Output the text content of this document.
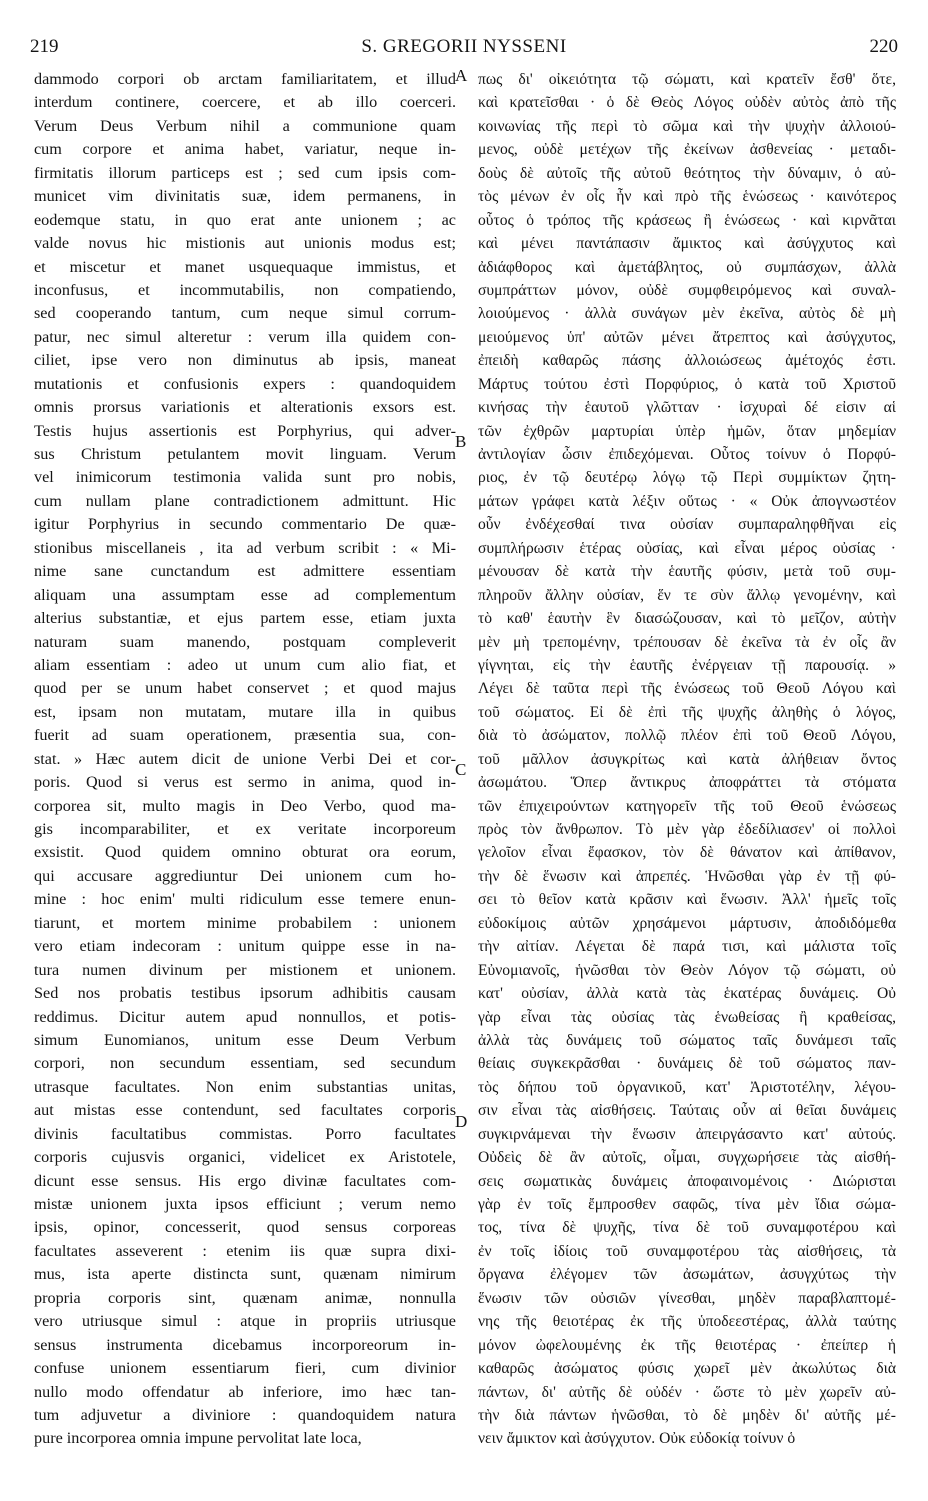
219	S. GREGORII NYSSENI	220
A
B
C
D
dammodo corpori ob arctam familiaritatem, et illud
interdum continere, coercere, et ab illo coerceri.
Verum Deus Verbum nihil a communione quam
cum corpore et anima habet, variatur, neque in-
firmitatis illorum particeps est ; sed cum ipsis com-
municet vim divinitatis suæ, idem permanens, in
eodemque statu, in quo erat ante unionem ; ac
valde novus hic mistionis aut unionis modus est;
et miscetur et manet usquequaque immistus, et
inconfusus, et incommutabilis, non compatiendo,
sed cooperando tantum, cum neque simul corrum-
patur, nec simul alteretur : verum illa quidem con-
ciliet, ipse vero non diminutus ab ipsis, maneat
mutationis et confusionis expers : quandoquidem
omnis prorsus variationis et alterationis exsors est.
Testis hujus assertionis est Porphyrius, qui adver-
sus Christum petulantem movit linguam. Verum
vel inimicorum testimonia valida sunt pro nobis,
cum nullam plane contradictionem admittunt. Hic
igitur Porphyrius in secundo commentario De quæ-
stionibus miscellaneis , ita ad verbum scribit : « Mi-
nime sane cunctandum est admittere essentiam
aliquam una assumptam esse ad complementum
alterius substantiæ, et ejus partem esse, etiam juxta
naturam suam manendo, postquam compleverit
aliam essentiam : adeo ut unum cum alio fiat, et
quod per se unum habet conservet ; et quod majus
est, ipsam non mutatam, mutare illa in quibus
fuerit ad suam operationem, præsentia sua, con-
stat. » Hæc autem dicit de unione Verbi Dei et cor-
poris. Quod si verus est sermo in anima, quod in-
corporea sit, multo magis in Deo Verbo, quod ma-
gis incomparabiliter, et ex veritate incorporeum
exsistit. Quod quidem omnino obturat ora eorum,
qui accusare aggrediuntur Dei unionem cum ho-
mine : hoc enim' multi ridiculum esse temere enun-
tiarunt, et mortem minime probabilem : unionem
vero etiam indecoram : unitum quippe esse in na-
tura numen divinum per mistionem et unionem.
Sed nos probatis testibus ipsorum adhibitis causam
reddimus. Dicitur autem apud nonnullos, et potis-
simum Eunomianos, unitum esse Deum Verbum
corpori, non secundum essentiam, sed secundum
utrasque facultates. Non enim substantias unitas,
aut mistas esse contendunt, sed facultates corporis
divinis facultatibus commistas. Porro facultates
corporis cujusvis organici, videlicet ex Aristotele,
dicunt esse sensus. His ergo divinæ facultates com-
mistæ unionem juxta ipsos efficiunt ; verum nemo
ipsis, opinor, concesserit, quod sensus corporeas
facultates asseverent : etenim iis quæ supra dixi-
mus, ista aperte distincta sunt, quænam nimirum
propria corporis sint, quænam animæ, nonnulla
vero utriusque simul : atque in propriis utriusque
sensus instrumenta dicebamus incorporeorum in-
confuse unionem essentiarum fieri, cum divinior
nullo modo offendatur ab inferiore, imo hæc tan-
tum adjuvetur a diviniore : quandoquidem natura
pure incorporea omnia impune pervolitat late loca,
πως δι' οἰκειότητα τῷ σώματι, καὶ κρατεῖν ἔσθ' ὅτε,
καὶ κρατεῖσθαι · ὁ δὲ Θεὸς Λόγος οὐδὲν αὐτὸς ἀπὸ τῆς
κοινωνίας τῆς περὶ τὸ σῶμα καὶ τὴν ψυχὴν ἀλλοιού-
μενος, οὐδὲ μετέχων τῆς ἐκείνων ἀσθενείας · μεταδι-
δοὺς δὲ αὐτοῖς τῆς αὐτοῦ θεότητος τὴν δύναμιν, ὁ αὐ-
τὸς μένων ἐν οἷς ἦν καὶ πρὸ τῆς ἑνώσεως · καινότερος
οὗτος ὁ τρόπος τῆς κράσεως ἢ ἑνώσεως · καὶ κιρνᾶται
καὶ μένει παντάπασιν ἄμικτος καὶ ἀσύγχυτος καὶ
ἀδιάφθορος καὶ ἀμετάβλητος, οὐ συμπάσχων, ἀλλὰ
συμπράττων μόνον, οὐδὲ συμφθειρόμενος καὶ συναλ-
λοιούμενος · ἀλλὰ συνάγων μὲν ἐκεῖνα, αὐτὸς δὲ μὴ
μειούμενος ὑπ' αὐτῶν μένει ἄτρεπτος καὶ ἀσύγχυτος,
ἐπειδὴ καθαρῶς πάσης ἀλλοιώσεως ἀμέτοχός ἐστι.
Μάρτυς τούτου ἐστὶ Πορφύριος, ὁ κατὰ τοῦ Χριστοῦ
κινήσας τὴν ἑαυτοῦ γλῶτταν · ἰσχυραὶ δέ εἰσιν αἱ
τῶν ἐχθρῶν μαρτυρίαι ὑπὲρ ἡμῶν, ὅταν μηδεμίαν
ἀντιλογίαν ὦσιν ἐπιδεχόμεναι. Οὗτος τοίνυν ὁ Πορφύ-
ριος, ἐν τῷ δευτέρῳ λόγῳ τῷ Περὶ συμμίκτων ζητη-
μάτων γράφει κατὰ λέξιν οὕτως · « Οὐκ ἀπογνωστέον
οὖν ἐνδέχεσθαί τινα οὐσίαν συμπαραληφθῆναι εἰς
συμπλήρωσιν ἑτέρας οὐσίας, καὶ εἶναι μέρος οὐσίας ·
μένουσαν δὲ κατὰ τὴν ἑαυτῆς φύσιν, μετὰ τοῦ συμ-
πληροῦν ἄλλην οὐσίαν, ἕν τε σὺν ἄλλῳ γενομένην, καὶ
τὸ καθ' ἑαυτὴν ἓν διασώζουσαν, καὶ τὸ μεῖζον, αὐτὴν
μὲν μὴ τρεπομένην, τρέπουσαν δὲ ἐκεῖνα τὰ ἐν οἷς ἂν
γίγνηται, εἰς τὴν ἑαυτῆς ἐνέργειαν τῇ παρουσίᾳ. »
Λέγει δὲ ταῦτα περὶ τῆς ἑνώσεως τοῦ Θεοῦ Λόγου καὶ
τοῦ σώματος. Εἰ δὲ ἐπὶ τῆς ψυχῆς ἀληθὴς ὁ λόγος,
διὰ τὸ ἀσώματον, πολλῷ πλέον ἐπὶ τοῦ Θεοῦ Λόγου,
τοῦ μᾶλλον ἀσυγκρίτως καὶ κατὰ ἀλήθειαν ὄντος
ἀσωμάτου. Ὅπερ ἄντικρυς ἀποφράττει τὰ στόματα
τῶν ἐπιχειρούντων κατηγορεῖν τῆς τοῦ Θεοῦ ἑνώσεως
πρὸς τὸν ἄνθρωπον. Τὸ μὲν γὰρ ἐδεδίλιασεν' οἱ πολλοὶ
γελοῖον εἶναι ἔφασκον, τὸν δὲ θάνατον καὶ ἀπίθανον,
τὴν δὲ ἕνωσιν καὶ ἀπρεπές. Ἡνῶσθαι γὰρ ἐν τῇ φύ-
σει τὸ θεῖον κατὰ κρᾶσιν καὶ ἕνωσιν. Ἀλλ' ἡμεῖς τοῖς
εὐδοκίμοις αὐτῶν χρησάμενοι μάρτυσιν, ἀποδιδόμεθα
τὴν αἰτίαν. Λέγεται δὲ παρά τισι, καὶ μάλιστα τοῖς
Εὐνομιανοῖς, ἡνῶσθαι τὸν Θεὸν Λόγον τῷ σώματι, οὐ
κατ' οὐσίαν, ἀλλὰ κατὰ τὰς ἑκατέρας δυνάμεις. Οὐ
γὰρ εἶναι τὰς οὐσίας τὰς ἑνωθείσας ἢ κραθείσας,
ἀλλὰ τὰς δυνάμεις τοῦ σώματος ταῖς δυνάμεσι ταῖς
θείαις συγκεκρᾶσθαι · δυνάμεις δὲ τοῦ σώματος παν-
τὸς δήπου τοῦ ὀργανικοῦ, κατ' Ἀριστοτέλην, λέγου-
σιν εἶναι τὰς αἰσθήσεις. Ταύταις οὖν αἱ θεῖαι δυνάμεις
συγκιρνάμεναι τὴν ἕνωσιν ἀπειργάσαντο κατ' αὐτούς.
Οὐδεὶς δὲ ἂν αὐτοῖς, οἶμαι, συγχωρήσειε τὰς αἰσθή-
σεις σωματικὰς δυνάμεις ἀποφαινομένοις · Διώρισται
γὰρ ἐν τοῖς ἔμπροσθεν σαφῶς, τίνα μὲν ἴδια σώμα-
τος, τίνα δὲ ψυχῆς, τίνα δὲ τοῦ συναμφοτέρου καὶ
ἐν τοῖς ἰδίοις τοῦ συναμφοτέρου τὰς αἰσθήσεις, τὰ
ὄργανα ἐλέγομεν τῶν ἀσωμάτων, ἀσυγχύτως τὴν
ἕνωσιν τῶν οὐσιῶν γίνεσθαι, μηδὲν παραβλαπτομέ-
νης τῆς θειοτέρας ἐκ τῆς ὑποδεεστέρας, ἀλλὰ ταύτης
μόνον ὠφελουμένης ἐκ τῆς θειοτέρας · ἐπείπερ ἡ
καθαρῶς ἀσώματος φύσις χωρεῖ μὲν ἀκωλύτως διὰ
πάντων, δι' αὐτῆς δὲ οὐδέν · ὥστε τὸ μὲν χωρεῖν αὐ-
τὴν διὰ πάντων ἡνῶσθαι, τὸ δὲ μηδὲν δι' αὐτῆς μέ-
νειν ἄμικτον καὶ ἀσύγχυτον. Οὐκ εὐδοκίᾳ τοίνυν ὁ
